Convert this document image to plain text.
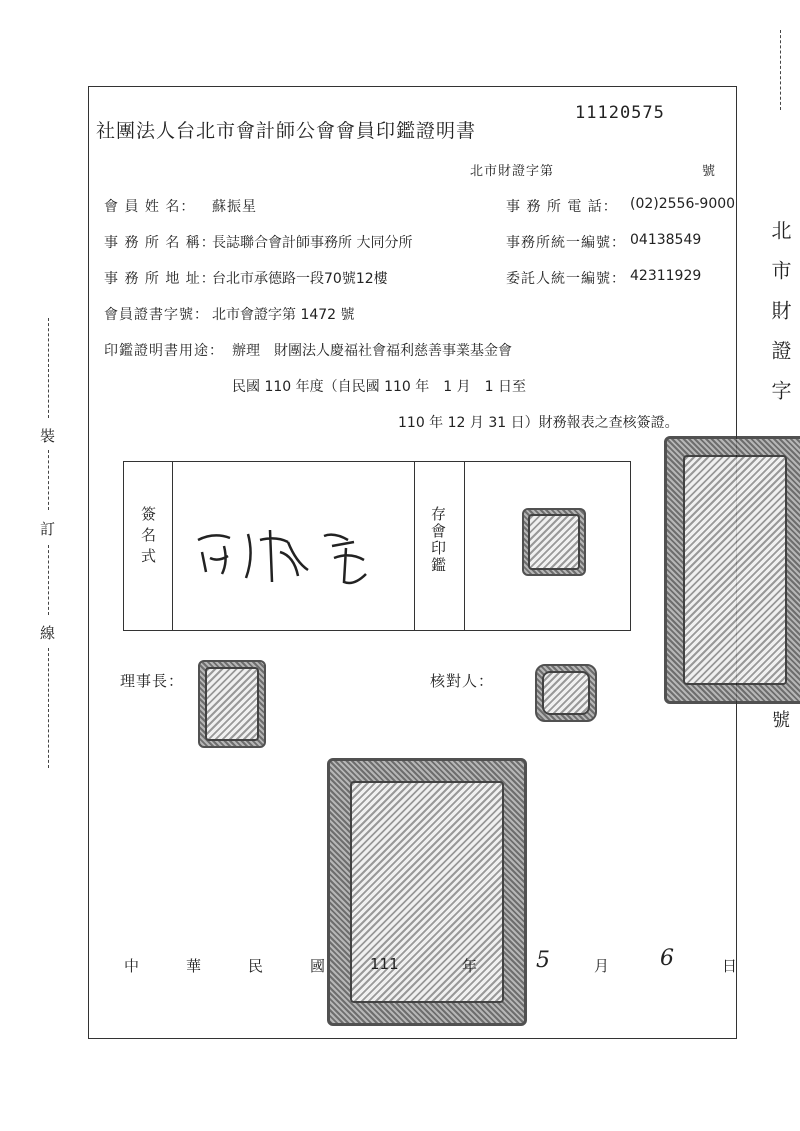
裝
訂
線
北市財證字
號
社團法人台北市會計師公會會員印鑑證明書
11120575
北市財證字第	號
會 員 姓 名： 蘇振星	事 務 所 電 話： (02)2556-9000
事 務 所 名 稱：
長誌聯合會計師事務所 大同分所	事務所統一編號： 04138549
事 務 所 地 址：
台北市承德路一段70號12樓	委託人統一編號： 42311929
會員證書字號： 北市會證字第 1472 號
印鑑證明書用途： 辦理　財團法人慶福社會福利慈善事業基金會
民國 110 年度（自民國 110 年　1 月　1 日至
110 年 12 月 31 日）財務報表之查核簽證。
簽名式	存會印鑑
理事長：	核對人：
中	華	民	國	111	年	5	月 6	日
